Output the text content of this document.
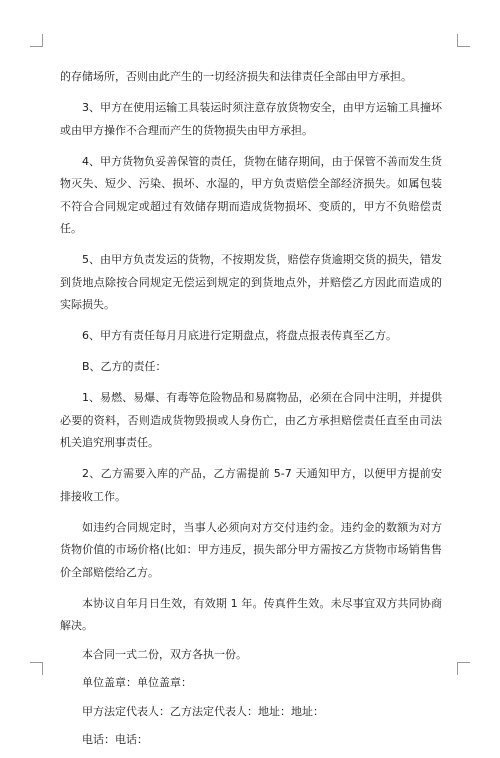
的存储场所，否则由此产生的一切经济损失和法律责任全部由甲方承担。

3、甲方在使用运输工具装运时须注意存放货物安全，由甲方运输工具撞坏或由甲方操作不合理而产生的货物损失由甲方承担。

4、甲方货物负妥善保管的责任，货物在储存期间，由于保管不善而发生货物灭失、短少、污染、损坏、水湿的，甲方负责赔偿全部经济损失。如属包装不符合合同规定或超过有效储存期而造成货物损坏、变质的，甲方不负赔偿责任。

5、由甲方负责发运的货物，不按期发货，赔偿存货逾期交货的损失，错发到货地点除按合同规定无偿运到规定的到货地点外，并赔偿乙方因此而造成的实际损失。

6、甲方有责任每月月底进行定期盘点，将盘点报表传真至乙方。

B、乙方的责任：

1、易燃、易爆、有毒等危险物品和易腐物品，必须在合同中注明，并提供必要的资料，否则造成货物毁损或人身伤亡，由乙方承担赔偿责任直至由司法机关追究刑事责任。

2、乙方需要入库的产品，乙方需提前 5-7 天通知甲方，以便甲方提前安排接收工作。

如违约合同规定时，当事人必须向对方交付违约金。违约金的数额为对方货物价值的市场价格(比如：甲方违反，损失部分甲方需按乙方货物市场销售售价全部赔偿给乙方。

本协议自年月日生效，有效期 1 年。传真件生效。未尽事宜双方共同协商解决。

本合同一式二份，双方各执一份。

单位盖章：单位盖章：

甲方法定代表人：乙方法定代表人：地址：地址：

电话：电话：
